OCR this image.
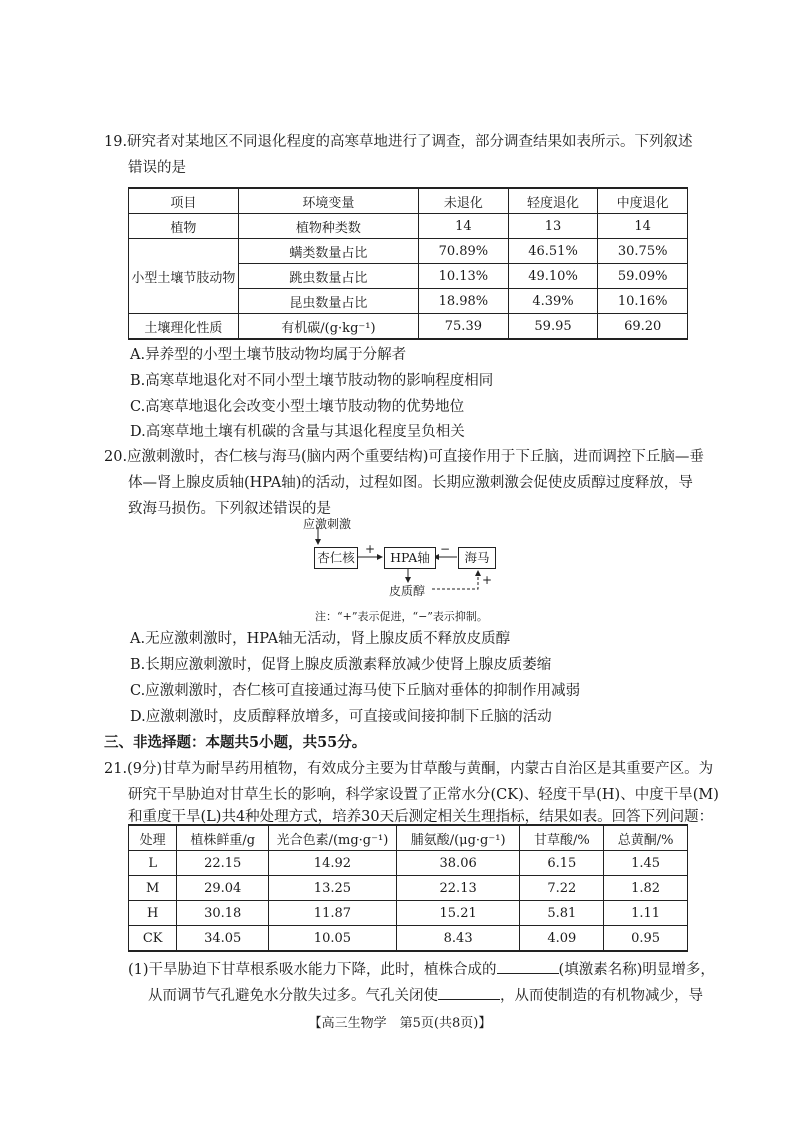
19.研究者对某地区不同退化程度的高寒草地进行了调查，部分调查结果如表所示。下列叙述
错误的是
项目	环境变量	未退化	轻度退化	中度退化
植物	植物种类数	14	13	14
小型土壤节肢动物	螨类数量占比	70.89%	46.51%	30.75%
	跳虫数量占比	10.13%	49.10%	59.09%
	昆虫数量占比	18.98%	4.39%	10.16%
土壤理化性质	有机碳/(g·kg⁻¹)	75.39	59.95	69.20
A.异养型的小型土壤节肢动物均属于分解者
B.高寒草地退化对不同小型土壤节肢动物的影响程度相同
C.高寒草地退化会改变小型土壤节肢动物的优势地位
D.高寒草地土壤有机碳的含量与其退化程度呈负相关
20.应激刺激时，杏仁核与海马(脑内两个重要结构)可直接作用于下丘脑，进而调控下丘脑—垂
体—肾上腺皮质轴(HPA轴)的活动，过程如图。长期应激刺激会促使皮质醇过度释放，导
致海马损伤。下列叙述错误的是
应激刺激
杏仁核	HPA轴	海马
皮质醇
+	−
+
注：“+”表示促进，“−”表示抑制。
A.无应激刺激时，HPA轴无活动，肾上腺皮质不释放皮质醇
B.长期应激刺激时，促肾上腺皮质激素释放减少使肾上腺皮质萎缩
C.应激刺激时，杏仁核可直接通过海马使下丘脑对垂体的抑制作用减弱
D.应激刺激时，皮质醇释放增多，可直接或间接抑制下丘脑的活动
三、非选择题：本题共5小题，共55分。
21.(9分)甘草为耐旱药用植物，有效成分主要为甘草酸与黄酮，内蒙古自治区是其重要产区。为
研究干旱胁迫对甘草生长的影响，科学家设置了正常水分(CK)、轻度干旱(H)、中度干旱(M)
和重度干旱(L)共4种处理方式，培养30天后测定相关生理指标，结果如表。回答下列问题：
处理	植株鲜重/g	光合色素/(mg·g⁻¹)	脯氨酸/(μg·g⁻¹)	甘草酸/%	总黄酮/%
L	22.15	14.92	38.06	6.15	1.45
M	29.04	13.25	22.13	7.22	1.82
H	30.18	11.87	15.21	5.81	1.11
CK	34.05	10.05	8.43	4.09	0.95
(1)干旱胁迫下甘草根系吸水能力下降，此时，植株合成的	(填激素名称)明显增多，
从而调节气孔避免水分散失过多。气孔关闭使	，从而使制造的有机物减少，导
【高三生物学　第5页(共8页)】
